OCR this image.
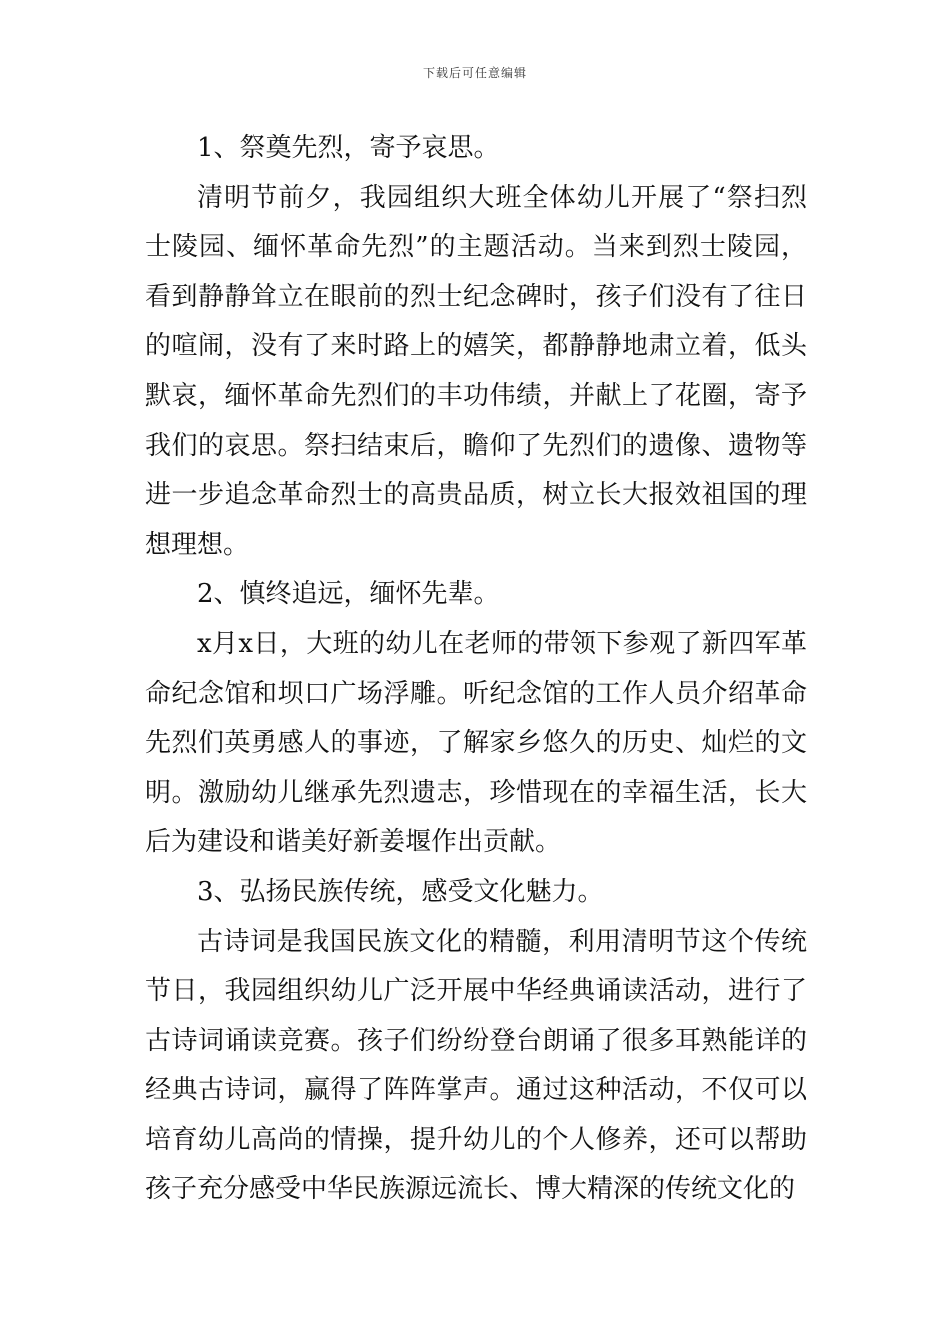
下载后可任意编辑

1、祭奠先烈，寄予哀思。

清明节前夕，我园组织大班全体幼儿开展了“祭扫烈士陵园、缅怀革命先烈”的主题活动。当来到烈士陵园，看到静静耸立在眼前的烈士纪念碑时，孩子们没有了往日的喧闹，没有了来时路上的嬉笑，都静静地肃立着，低头默哀，缅怀革命先烈们的丰功伟绩，并献上了花圈，寄予我们的哀思。祭扫结束后，瞻仰了先烈们的遗像、遗物等进一步追念革命烈士的高贵品质，树立长大报效祖国的理想理想。

2、慎终追远，缅怀先辈。

x月x日，大班的幼儿在老师的带领下参观了新四军革命纪念馆和坝口广场浮雕。听纪念馆的工作人员介绍革命先烈们英勇感人的事迹，了解家乡悠久的历史、灿烂的文明。激励幼儿继承先烈遗志，珍惜现在的幸福生活，长大后为建设和谐美好新姜堰作出贡献。

3、弘扬民族传统，感受文化魅力。

古诗词是我国民族文化的精髓，利用清明节这个传统节日，我园组织幼儿广泛开展中华经典诵读活动，进行了古诗词诵读竞赛。孩子们纷纷登台朗诵了很多耳熟能详的经典古诗词，赢得了阵阵掌声。通过这种活动，不仅可以培育幼儿高尚的情操，提升幼儿的个人修养，还可以帮助孩子充分感受中华民族源远流长、博大精深的传统文化的
